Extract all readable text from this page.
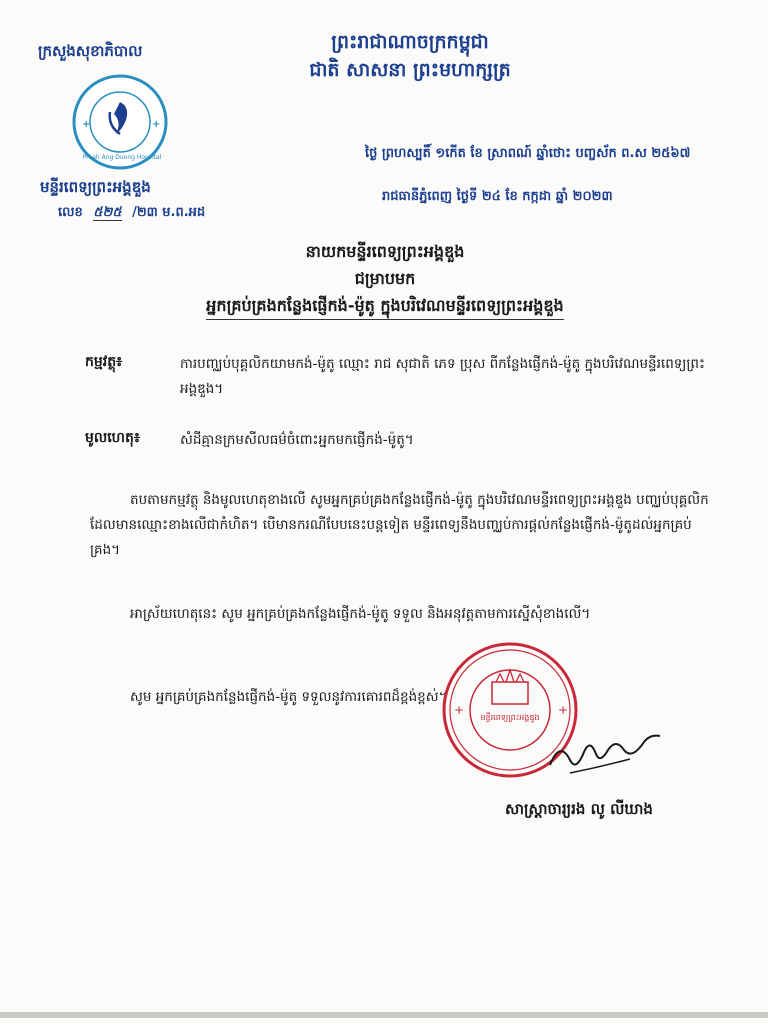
ព្រះរាជាណាចក្រកម្ពុជា
ជាតិ សាសនា ព្រះមហាក្សត្រ
ក្រសួងសុខាភិបាល
+	+
Preah Ang Duong Hospital
មន្ទីរពេទ្យព្រះអង្គឌួង
លេខ ៥២៥ /២៣ ម.ព.អដ
ថ្ងៃ ព្រហស្បតិ៍ ១កើត ខែ ស្រាពណ៍ ឆ្នាំថោះ បញ្ចស័ក ព.ស ២៥៦៧
រាជធានីភ្នំពេញ ថ្ងៃទី ២៤ ខែ កក្កដា ឆ្នាំ ២០២៣
នាយកមន្ទីរពេទ្យព្រះអង្គឌួង
ជម្រាបមក
អ្នកគ្រប់គ្រងកន្លែងផ្ញើកង់-ម៉ូតូ ក្នុងបរិវេណមន្ទីរពេទ្យព្រះអង្គឌួង
កម្មវត្ថុ៖	ការបញ្ឈប់បុគ្គលិកយាមកង់-ម៉ូតូ ឈ្មោះ រាជ សុជាតិ ភេទ ប្រុស ពីកន្លែងផ្ញើកង់-ម៉ូតូ ក្នុងបរិវេណមន្ទីរពេទ្យព្រះអង្គឌួង។
មូលហេតុ៖	សំដីគ្មានក្រមសីលធម៌ចំពោះអ្នកមកផ្ញើកង់-ម៉ូតូ។
តបតាមកម្មវត្ថុ និងមូលហេតុខាងលើ សូមអ្នកគ្រប់គ្រងកន្លែងផ្ញើកង់-ម៉ូតូ ក្នុងបរិវេណមន្ទីរពេទ្យព្រះអង្គឌួង បញ្ឈប់បុគ្គលិកដែលមានឈ្មោះខាងលើជាកំហិត។ បើមានករណីបែបនេះបន្តទៀត មន្ទីរពេទ្យនឹងបញ្ឈប់ការផ្តល់កន្លែងផ្ញើកង់-ម៉ូតូដល់អ្នកគ្រប់គ្រង។
អាស្រ័យហេតុនេះ សូម អ្នកគ្រប់គ្រងកន្លែងផ្ញើកង់-ម៉ូតូ ទទួល និងអនុវត្តតាមការស្នើសុំខាងលើ។
សូម អ្នកគ្រប់គ្រងកន្លែងផ្ញើកង់-ម៉ូតូ ទទួលនូវការគោរពដ៏ខ្ពង់ខ្ពស់។
+	+
មន្ទីរពេទ្យព្រះអង្គឌួង
សាស្ត្រាចារ្យរង លូ លីឃាង
